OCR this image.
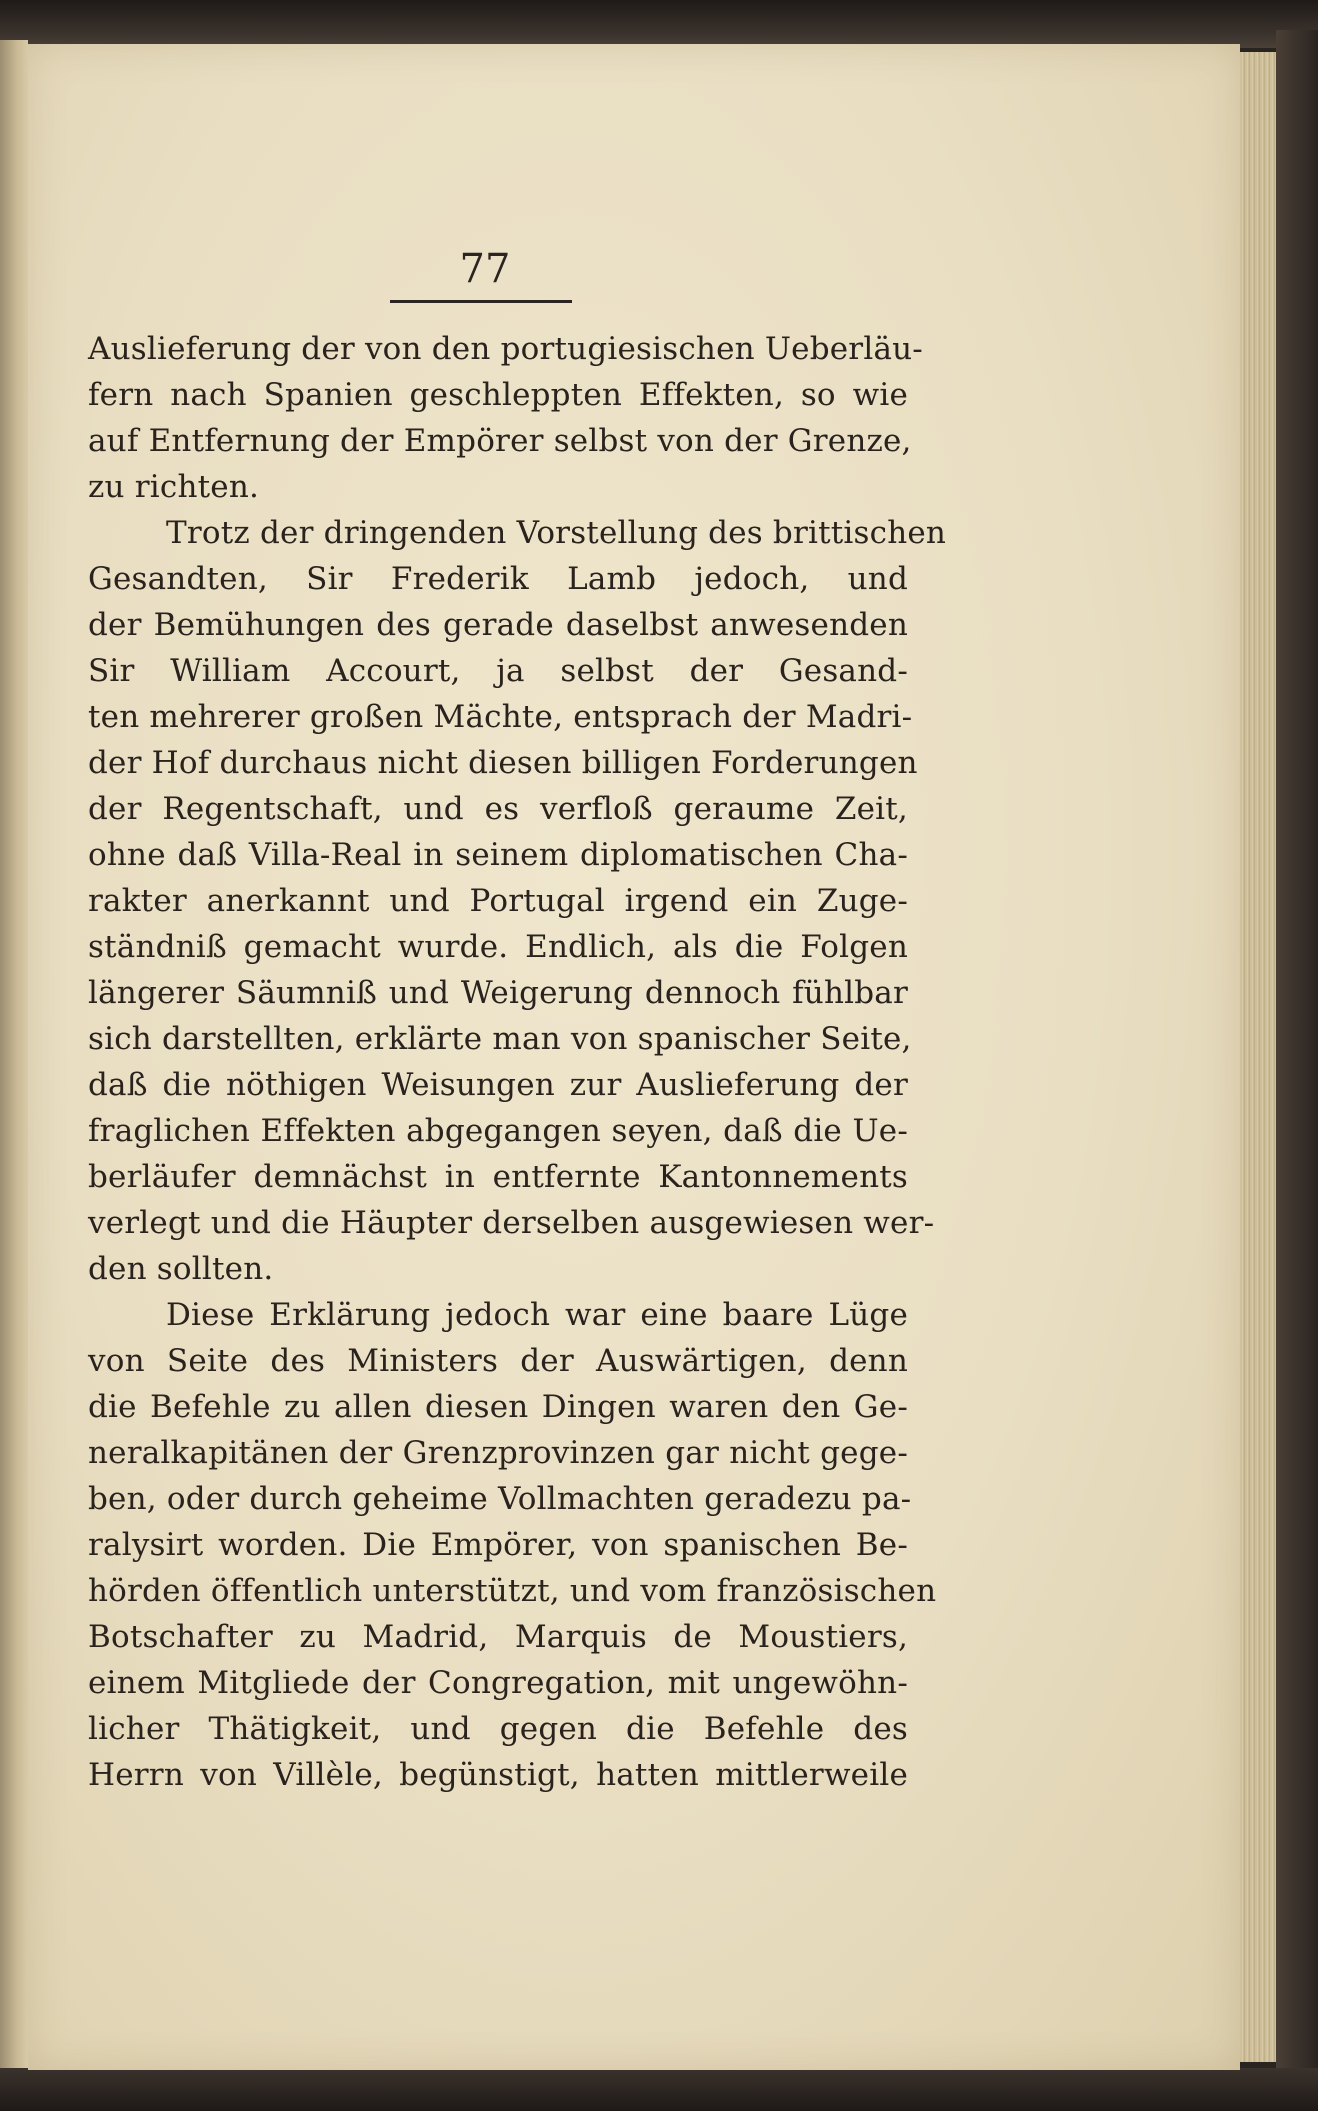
77
Auslieferung der von den portugiesischen Ueberläu-
fern nach Spanien geschleppten Effekten, so wie
auf Entfernung der Empörer selbst von der Grenze,
zu richten.
Trotz der dringenden Vorstellung des brittischen
Gesandten, Sir Frederik Lamb jedoch, und
der Bemühungen des gerade daselbst anwesenden
Sir William Accourt, ja selbst der Gesand-
ten mehrerer großen Mächte, entsprach der Madri-
der Hof durchaus nicht diesen billigen Forderungen
der Regentschaft, und es verfloß geraume Zeit,
ohne daß Villa-Real in seinem diplomatischen Cha-
rakter anerkannt und Portugal irgend ein Zuge-
ständniß gemacht wurde. Endlich, als die Folgen
längerer Säumniß und Weigerung dennoch fühlbar
sich darstellten, erklärte man von spanischer Seite,
daß die nöthigen Weisungen zur Auslieferung der
fraglichen Effekten abgegangen seyen, daß die Ue-
berläufer demnächst in entfernte Kantonnements
verlegt und die Häupter derselben ausgewiesen wer-
den sollten.
Diese Erklärung jedoch war eine baare Lüge
von Seite des Ministers der Auswärtigen, denn
die Befehle zu allen diesen Dingen waren den Ge-
neralkapitänen der Grenzprovinzen gar nicht gege-
ben, oder durch geheime Vollmachten geradezu pa-
ralysirt worden. Die Empörer, von spanischen Be-
hörden öffentlich unterstützt, und vom französischen
Botschafter zu Madrid, Marquis de Moustiers,
einem Mitgliede der Congregation, mit ungewöhn-
licher Thätigkeit, und gegen die Befehle des
Herrn von Villèle, begünstigt, hatten mittlerweile
